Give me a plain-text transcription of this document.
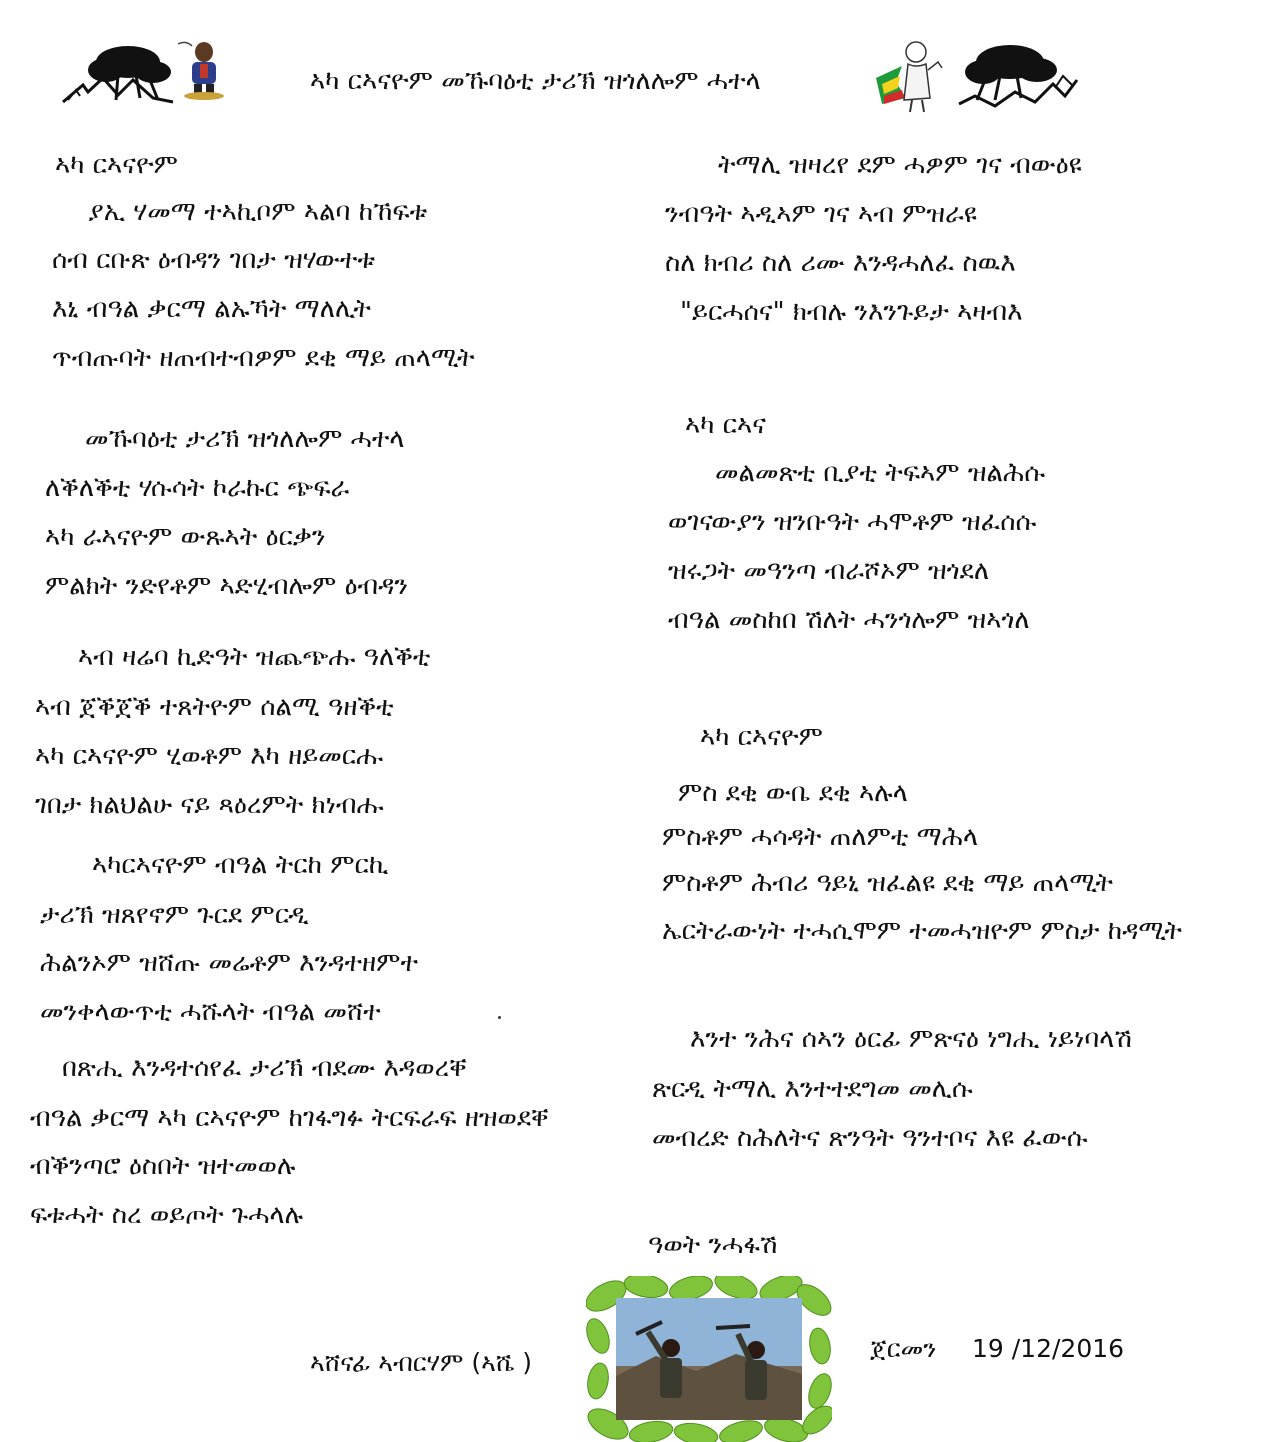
ኣካ ርኣናዮም መኹባዕቲ ታሪኽ ዝጎለሎም ሓተላ
ኣካ ርኣናዮም
ያኢ ሃመማ ተኣኪቦም ኣልባ ከኸፍቱ
ሰብ ርቡጽ ዕብዳን ገበታ ዝሃውተቱ
እኒ ብዓል ቃርማ ልኡኻት ማለሊት
ጥብጡባት ዘጠብተብዎም ደቂ ማይ ጠላሚት
መኹባዕቲ ታሪኽ ዝጎለሎም ሓተላ
ለቕለቕቲ ሃሱሳት ኮራኩር ጭፍራ
ኣካ ራኣናዮም ውጹኣት ዕርቃን
ምልክት ንድየቶም ኣድሂብሎም ዕብዳን
ኣብ ዛሬባ ኪድዓት ዝጨጭሑ ዓለቕቲ
ኣብ ጀቕጀቕ ተጸትዮም ሰልሚ ዓዘቕቲ
ኣካ ርኣናዮም ሂወቶም እካ ዘይመርሑ
ገበታ ክልህልሁ ናይ ጻዕረምት ክነብሑ
ኣካርኣናዮም ብዓል ትርከ ምርኪ
ታሪኽ ዝጸየኖም ጉርደ ምርዲ
ሕልንኦም ዝሸጡ መሬቶም እንዳተዘምተ
መንቀላውጥቲ ሓሹላት ብዓል መሸተ
በጽሒ እንዳተሰየፈ ታሪኽ ብደሙ እዳወረቐ
ብዓል ቃርማ ኣካ ርኣናዮም ከገፋግፉ ትርፍራፍ ዘዝወደቐ
ብቕንጣሮ ዕስበት ዝተመወሉ
ፍቱሓት ስረ ወይጦት ጉሓላሉ
ትማሊ ዝዛረየ ደም ሓዎም ገና ብውዕዩ
ንብዓት ኣዲኣም ገና ኣብ ምዝራዩ
ስለ ክብሪ ስለ ሪሙ እንዳሓለፈ ስዉእ
"ይርሓሰና" ክብሉ ንእንጉይታ ኣዛብእ
ኣካ ርኣና
መልመጽቲ ቢያቲ ትፍኣም ዝልሕሱ
ወገናውያን ዝንቡዓት ሓሞቶም ዝፈሰሱ
ዝሩጋት መዓንጣ ብራሾኦም ዝጎደለ
ብዓል መስከበ ሽለት ሓንጎሎም ዝኣጎለ
ኣካ ርኣናዮም
ምስ ደቂ ውቤ ደቂ ኣሉላ
ምስቶም ሓሳዳት ጠለምቲ ማሕላ
ምስቶም ሕብሪ ዓይኒ ዝፈልዩ ደቂ ማይ ጠላሚት
ኤርትራውነት ተሓሲሞም ተመሓዝዮም ምስታ ከዳሚት
እንተ ንሕና ሰኣን ዕርፊ ምጽናዕ ነግሒ ነይነባላሽ
ጽርዲ ትማሊ እንተተደግመ መሊሱ
መብረድ ስሕለትና ጽንዓት ዓንተቦና እዩ ፈውሱ
ዓወት ንሓፋሽ
ኣሸናፊ ኣብርሃም (ኣሼ )	ጀርመን 19 /12/2016
